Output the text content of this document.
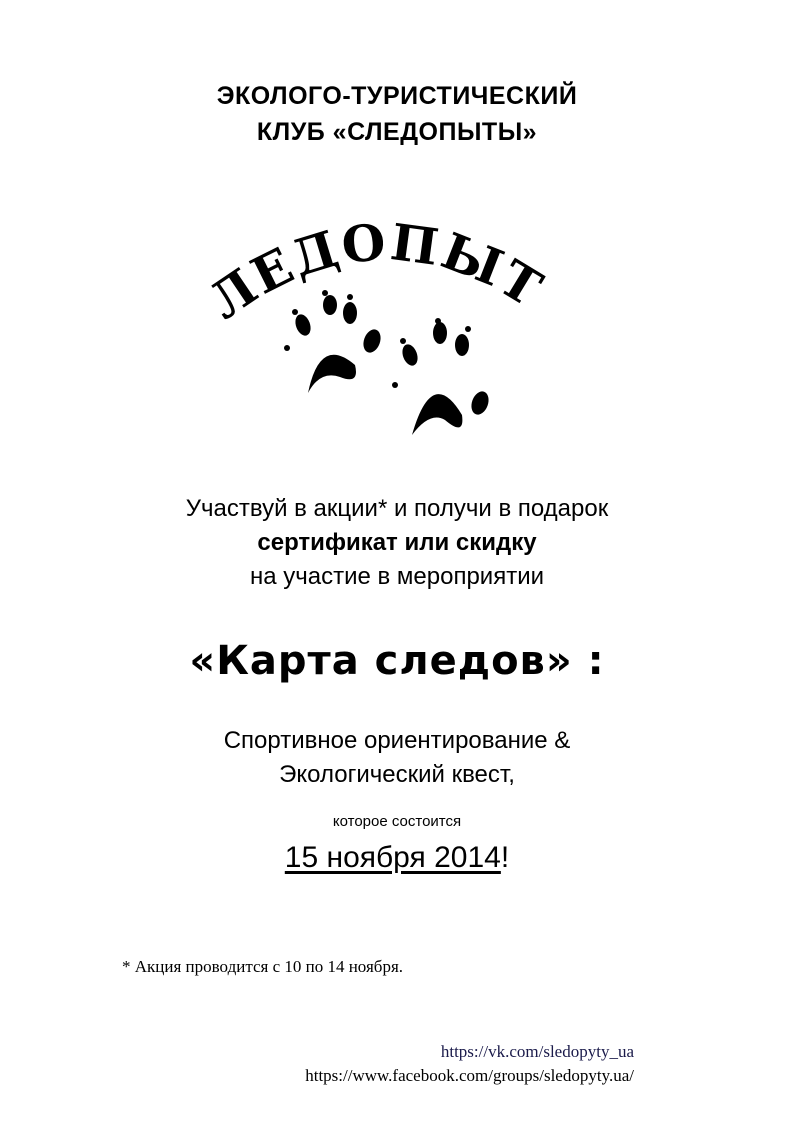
ЭКОЛОГО-ТУРИСТИЧЕСКИЙ
КЛУБ «СЛЕДОПЫТЫ»
ЛЕДОПЫТ
Участвуй в акции* и получи в подарок
сертификат или скидку
на участие в мероприятии
«Карта следов» :
Спортивное ориентирование &
Экологический квест,
которое состоится
15 ноября 2014!
* Акция проводится с 10 по 14 ноября.
https://vk.com/sledopyty_ua
https://www.facebook.com/groups/sledopyty.ua/
